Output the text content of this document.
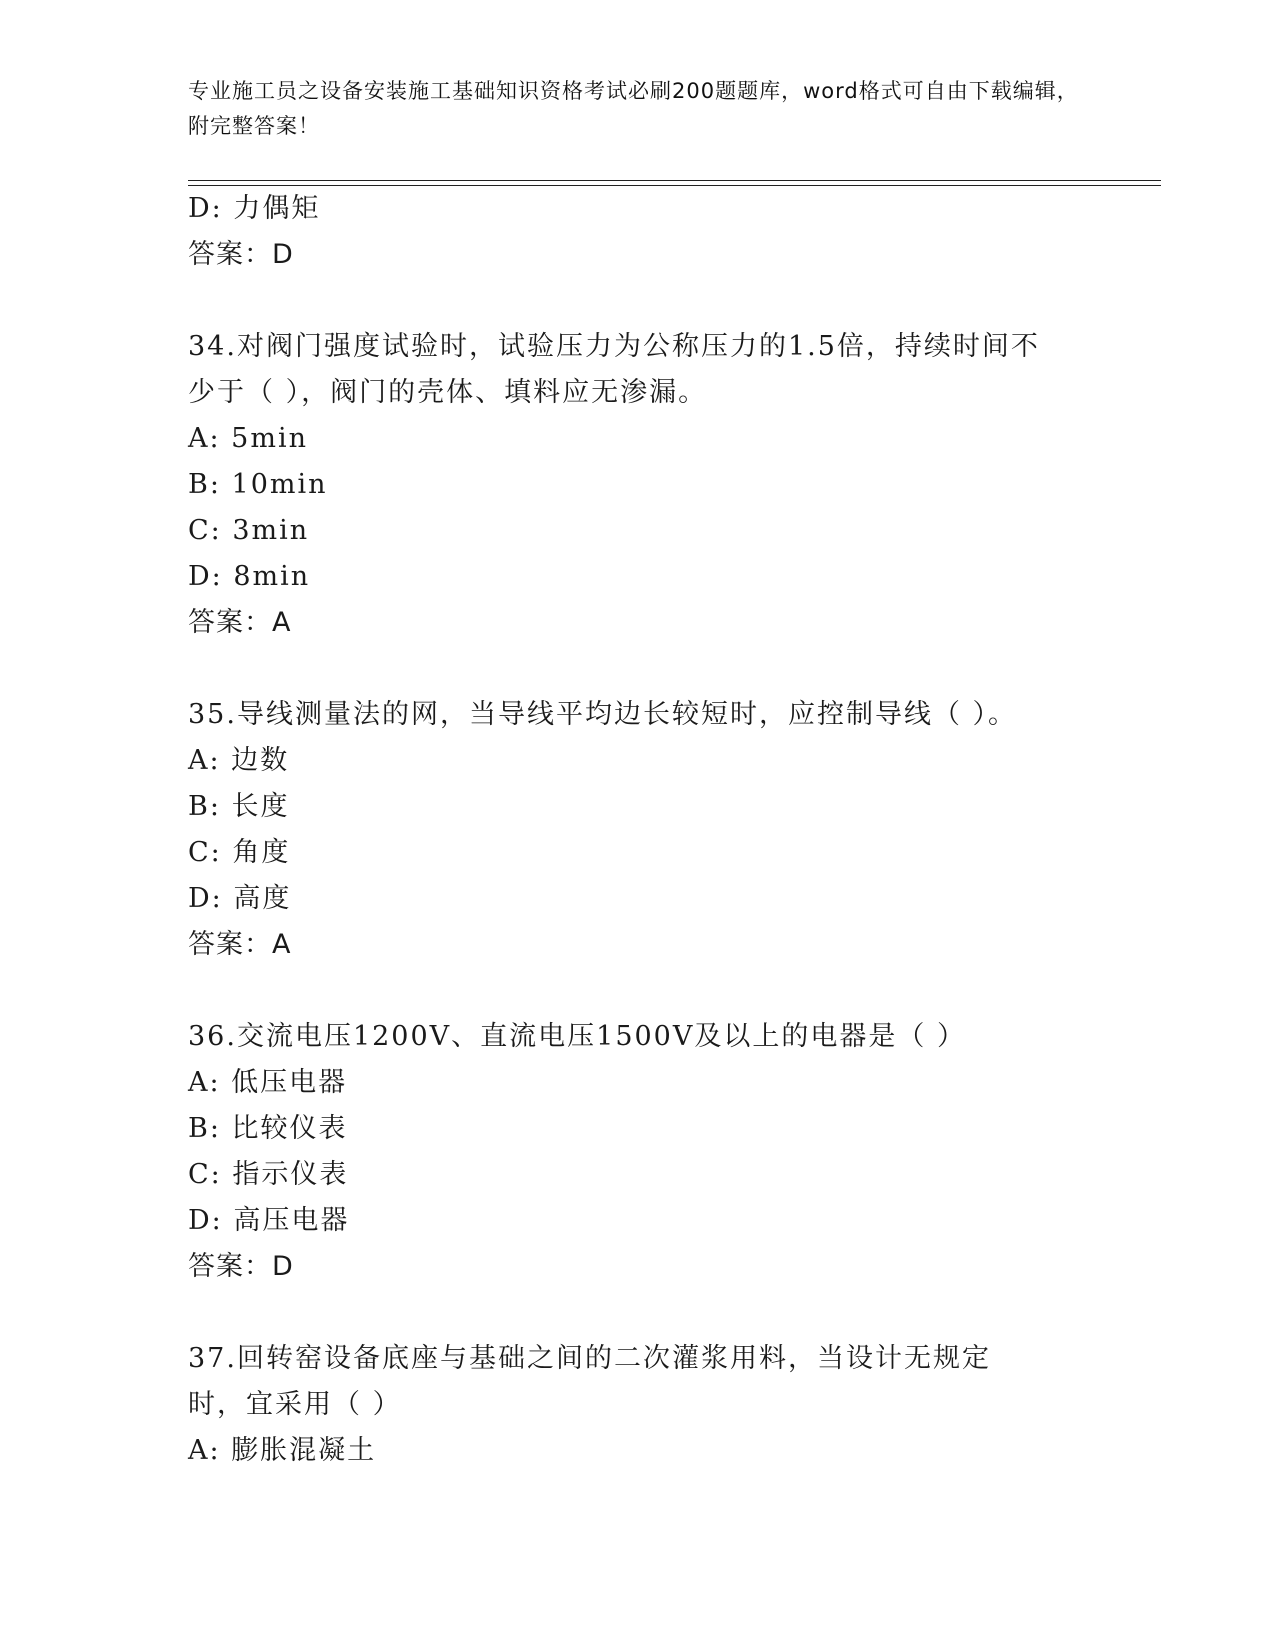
专业施工员之设备安装施工基础知识资格考试必刷200题题库，word格式可自由下载编辑，附完整答案！
D: 力偶矩
答案：D
34.对阀门强度试验时，试验压力为公称压力的1.5倍，持续时间不少于（ ），阀门的壳体、填料应无渗漏。
A: 5min
B: 10min
C: 3min
D: 8min
答案：A
35.导线测量法的网，当导线平均边长较短时，应控制导线（ ）。
A: 边数
B: 长度
C: 角度
D: 高度
答案：A
36.交流电压1200V、直流电压1500V及以上的电器是（ ）
A: 低压电器
B: 比较仪表
C: 指示仪表
D: 高压电器
答案：D
37.回转窑设备底座与基础之间的二次灌浆用料，当设计无规定时，宜采用（ ）
A: 膨胀混凝土
